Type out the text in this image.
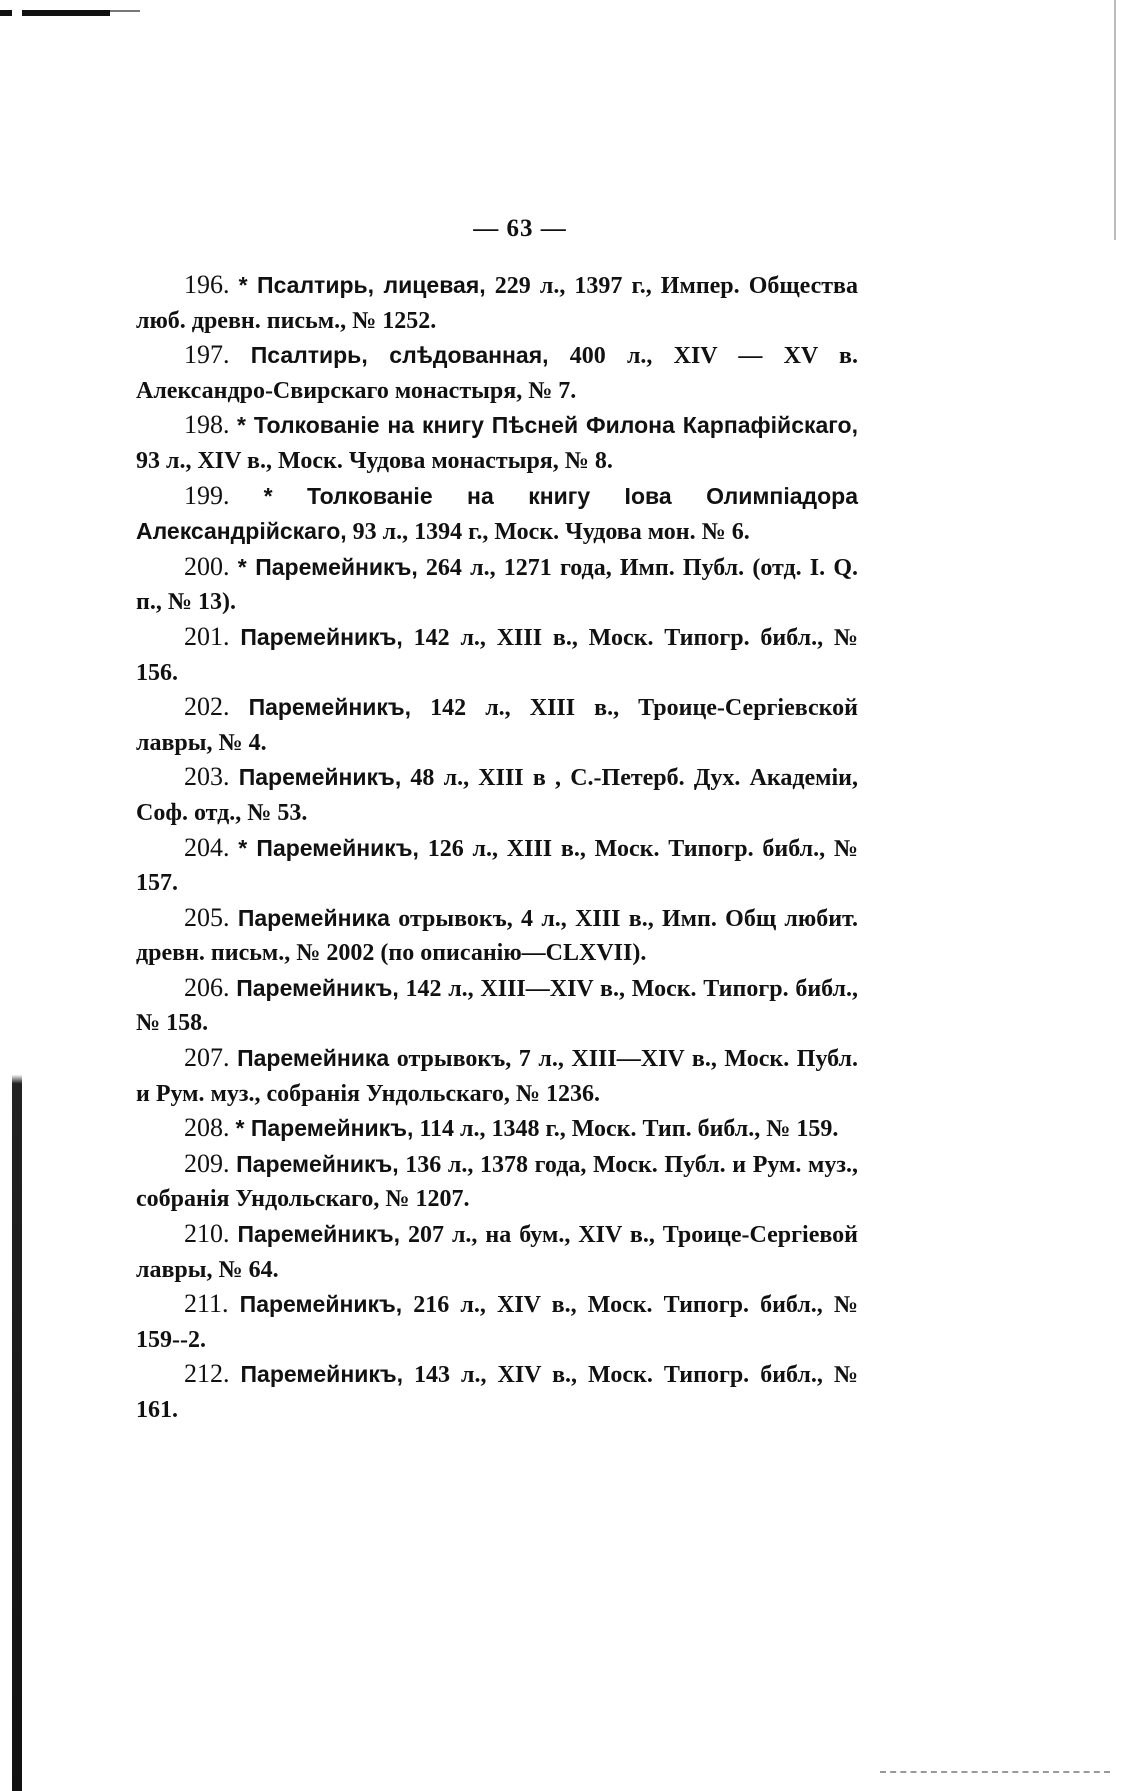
— 63 —

196. * Псалтирь, лицевая, 229 л., 1397 г., Импер. Общества люб. древн. письм., № 1252.

197. Псалтирь, слѣдованная, 400 л., XIV — XV в. Александро-Свирскаго монастыря, № 7.

198. * Толкованіе на книгу Пѣсней Филона Карпафійскаго, 93 л., XIV в., Моск. Чудова монастыря, № 8.

199. * Толкованіе на книгу Іова Олимпіадора Александрійскаго, 93 л., 1394 г., Моск. Чудова мон. № 6.

200. * Паремейникъ, 264 л., 1271 года, Имп. Публ. (отд. I. Q. п., № 13).

201. Паремейникъ, 142 л., XIII в., Моск. Типогр. библ., № 156.

202. Паремейникъ, 142 л., XIII в., Троице-Сергіевской лавры, № 4.

203. Паремейникъ, 48 л., XIII в , С.-Петерб. Дух. Академіи, Соф. отд., № 53.

204. * Паремейникъ, 126 л., XIII в., Моск. Типогр. библ., № 157.

205. Паремейника отрывокъ, 4 л., XIII в., Имп. Общ любит. древн. письм., № 2002 (по описанію—CLXVII).

206. Паремейникъ, 142 л., XIII—XIV в., Моск. Типогр. библ., № 158.

207. Паремейника отрывокъ, 7 л., XIII—XIV в., Моск. Публ. и Рум. муз., собранія Ундольскаго, № 1236.

208. * Паремейникъ, 114 л., 1348 г., Моск. Тип. библ., № 159.

209. Паремейникъ, 136 л., 1378 года, Моск. Публ. и Рум. муз., собранія Ундольскаго, № 1207.

210. Паремейникъ, 207 л., на бум., XIV в., Троице-Сергіевой лавры, № 64.

211. Паремейникъ, 216 л., XIV в., Моск. Типогр. библ., № 159--2.

212. Паремейникъ, 143 л., XIV в., Моск. Типогр. библ., № 161.
